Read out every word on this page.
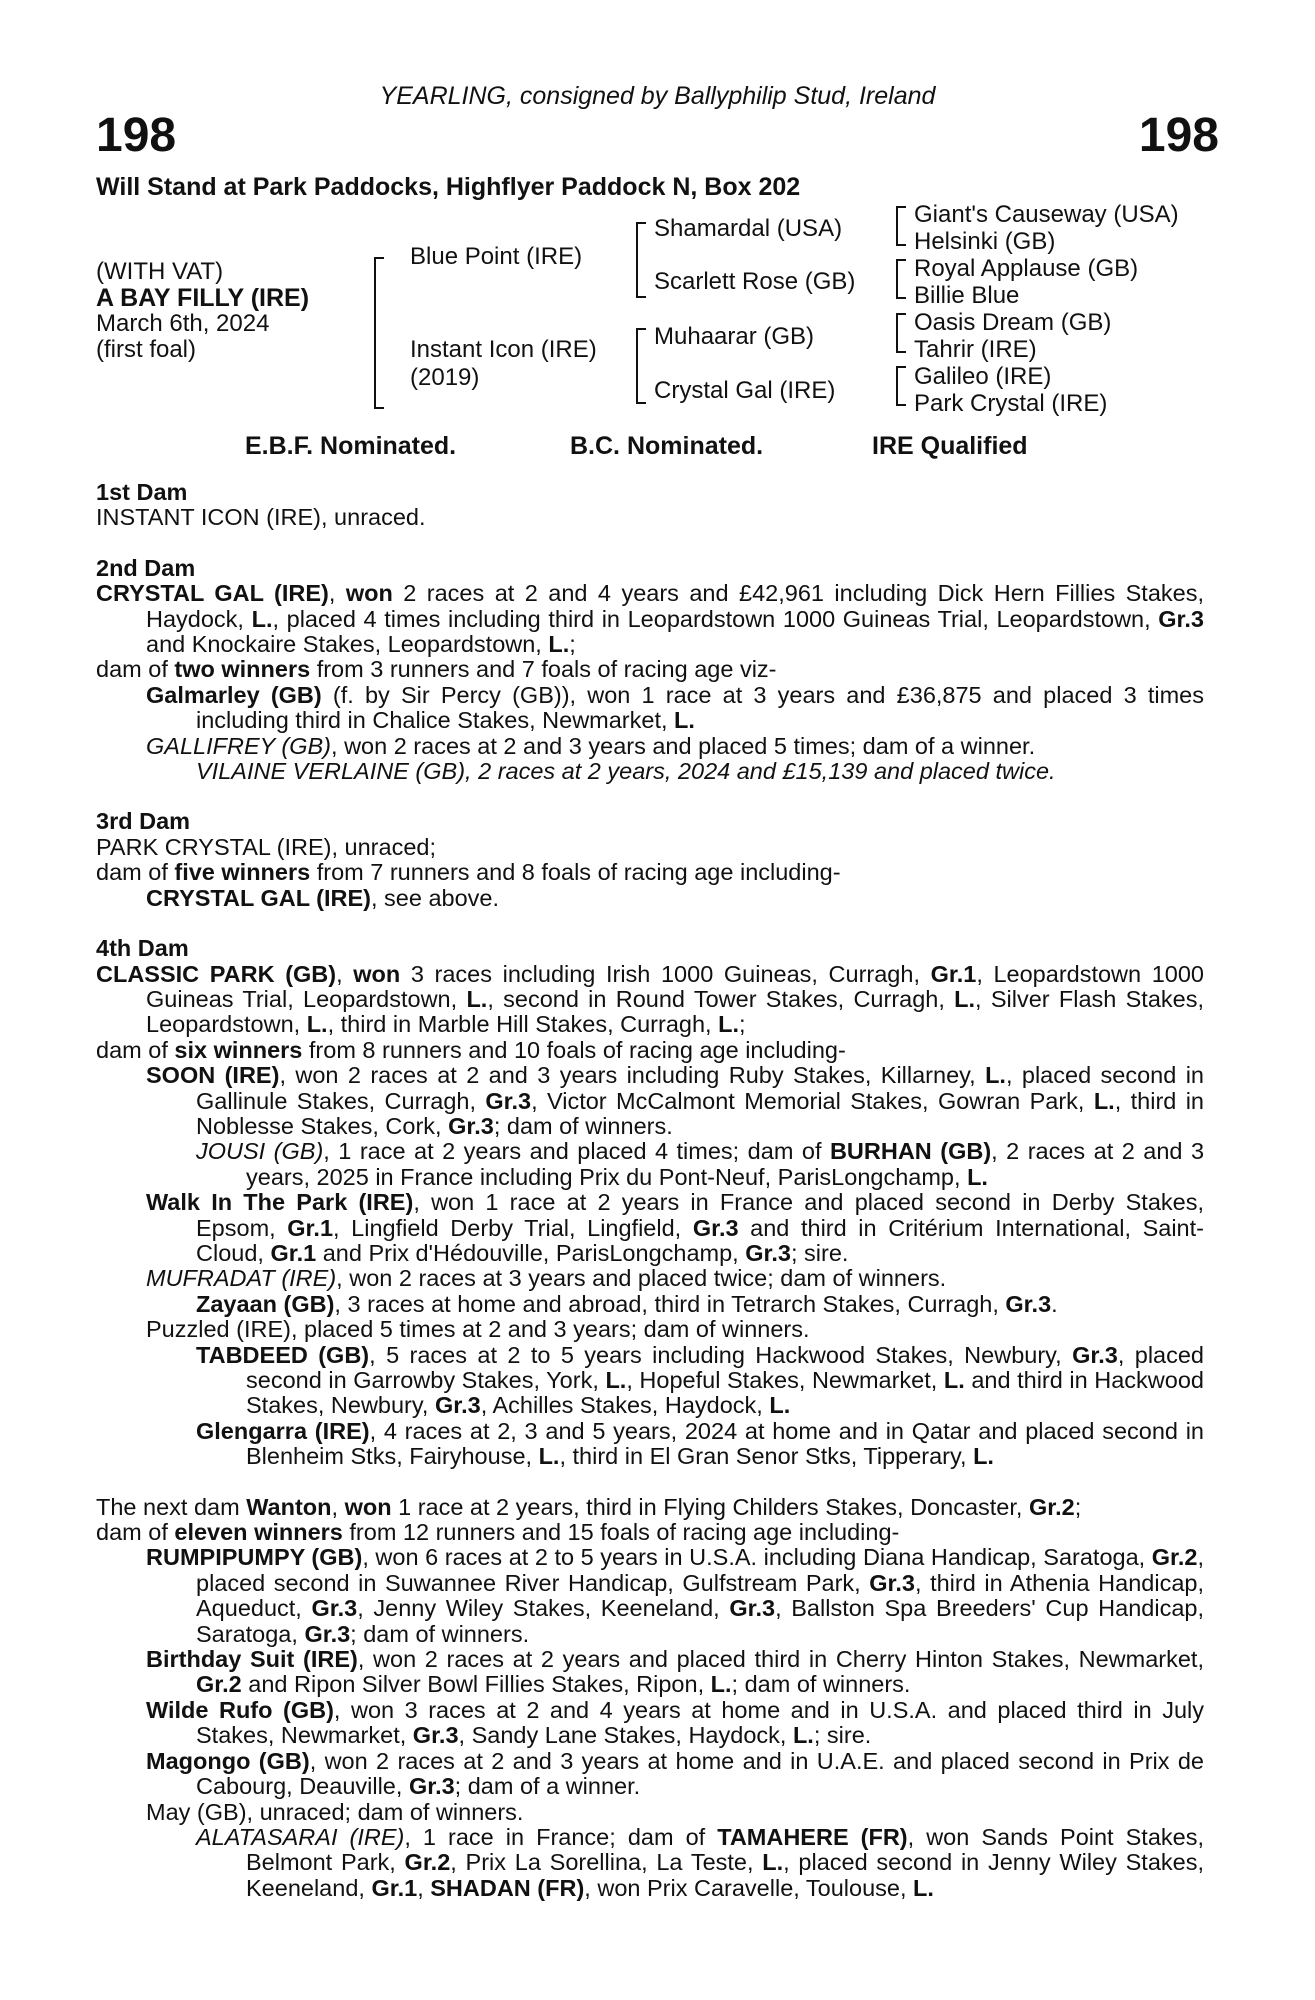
198	198
YEARLING, consigned by Ballyphilip Stud, Ireland
Will Stand at Park Paddocks, Highflyer Paddock N, Box 202
(WITH VAT)
A BAY FILLY (IRE)
March 6th, 2024
(first foal)
Blue Point (IRE)
Instant Icon (IRE)
(2019)
Shamardal (USA)
Scarlett Rose (GB)
Muhaarar (GB)
Crystal Gal (IRE)
Giant's Causeway (USA)
Helsinki (GB)
Royal Applause (GB)
Billie Blue
Oasis Dream (GB)
Tahrir (IRE)
Galileo (IRE)
Park Crystal (IRE)
E.B.F. Nominated.	B.C. Nominated.	IRE Qualified

1st Dam

INSTANT ICON (IRE), unraced.

2nd Dam

CRYSTAL GAL (IRE), won 2 races at 2 and 4 years and £42,961 including Dick Hern Fillies Stakes, Haydock, L., placed 4 times including third in Leopardstown 1000 Guineas Trial, Leopardstown, Gr.3 and Knockaire Stakes, Leopardstown, L.;

dam of two winners from 3 runners and 7 foals of racing age viz-

Galmarley (GB) (f. by Sir Percy (GB)), won 1 race at 3 years and £36,875 and placed 3 times including third in Chalice Stakes, Newmarket, L.

GALLIFREY (GB), won 2 races at 2 and 3 years and placed 5 times; dam of a winner.

VILAINE VERLAINE (GB), 2 races at 2 years, 2024 and £15,139 and placed twice.

3rd Dam

PARK CRYSTAL (IRE), unraced;

dam of five winners from 7 runners and 8 foals of racing age including-

CRYSTAL GAL (IRE), see above.

4th Dam

CLASSIC PARK (GB), won 3 races including Irish 1000 Guineas, Curragh, Gr.1, Leopardstown 1000 Guineas Trial, Leopardstown, L., second in Round Tower Stakes, Curragh, L., Silver Flash Stakes, Leopardstown, L., third in Marble Hill Stakes, Curragh, L.;

dam of six winners from 8 runners and 10 foals of racing age including-

SOON (IRE), won 2 races at 2 and 3 years including Ruby Stakes, Killarney, L., placed second in Gallinule Stakes, Curragh, Gr.3, Victor McCalmont Memorial Stakes, Gowran Park, L., third in Noblesse Stakes, Cork, Gr.3; dam of winners.

JOUSI (GB), 1 race at 2 years and placed 4 times; dam of BURHAN (GB), 2 races at 2 and 3 years, 2025 in France including Prix du Pont-Neuf, ParisLongchamp, L.

Walk In The Park (IRE), won 1 race at 2 years in France and placed second in Derby Stakes, Epsom, Gr.1, Lingfield Derby Trial, Lingfield, Gr.3 and third in Critérium International, Saint-Cloud, Gr.1 and Prix d'Hédouville, ParisLongchamp, Gr.3; sire.

MUFRADAT (IRE), won 2 races at 3 years and placed twice; dam of winners.

Zayaan (GB), 3 races at home and abroad, third in Tetrarch Stakes, Curragh, Gr.3.

Puzzled (IRE), placed 5 times at 2 and 3 years; dam of winners.

TABDEED (GB), 5 races at 2 to 5 years including Hackwood Stakes, Newbury, Gr.3, placed second in Garrowby Stakes, York, L., Hopeful Stakes, Newmarket, L. and third in Hackwood Stakes, Newbury, Gr.3, Achilles Stakes, Haydock, L.

Glengarra (IRE), 4 races at 2, 3 and 5 years, 2024 at home and in Qatar and placed second in Blenheim Stks, Fairyhouse, L., third in El Gran Senor Stks, Tipperary, L.

The next dam Wanton, won 1 race at 2 years, third in Flying Childers Stakes, Doncaster, Gr.2;

dam of eleven winners from 12 runners and 15 foals of racing age including-

RUMPIPUMPY (GB), won 6 races at 2 to 5 years in U.S.A. including Diana Handicap, Saratoga, Gr.2, placed second in Suwannee River Handicap, Gulfstream Park, Gr.3, third in Athenia Handicap, Aqueduct, Gr.3, Jenny Wiley Stakes, Keeneland, Gr.3, Ballston Spa Breeders' Cup Handicap, Saratoga, Gr.3; dam of winners.

Birthday Suit (IRE), won 2 races at 2 years and placed third in Cherry Hinton Stakes, Newmarket, Gr.2 and Ripon Silver Bowl Fillies Stakes, Ripon, L.; dam of winners.

Wilde Rufo (GB), won 3 races at 2 and 4 years at home and in U.S.A. and placed third in July Stakes, Newmarket, Gr.3, Sandy Lane Stakes, Haydock, L.; sire.

Magongo (GB), won 2 races at 2 and 3 years at home and in U.A.E. and placed second in Prix de Cabourg, Deauville, Gr.3; dam of a winner.

May (GB), unraced; dam of winners.

ALATASARAI (IRE), 1 race in France; dam of TAMAHERE (FR), won Sands Point Stakes, Belmont Park, Gr.2, Prix La Sorellina, La Teste, L., placed second in Jenny Wiley Stakes, Keeneland, Gr.1, SHADAN (FR), won Prix Caravelle, Toulouse, L.
